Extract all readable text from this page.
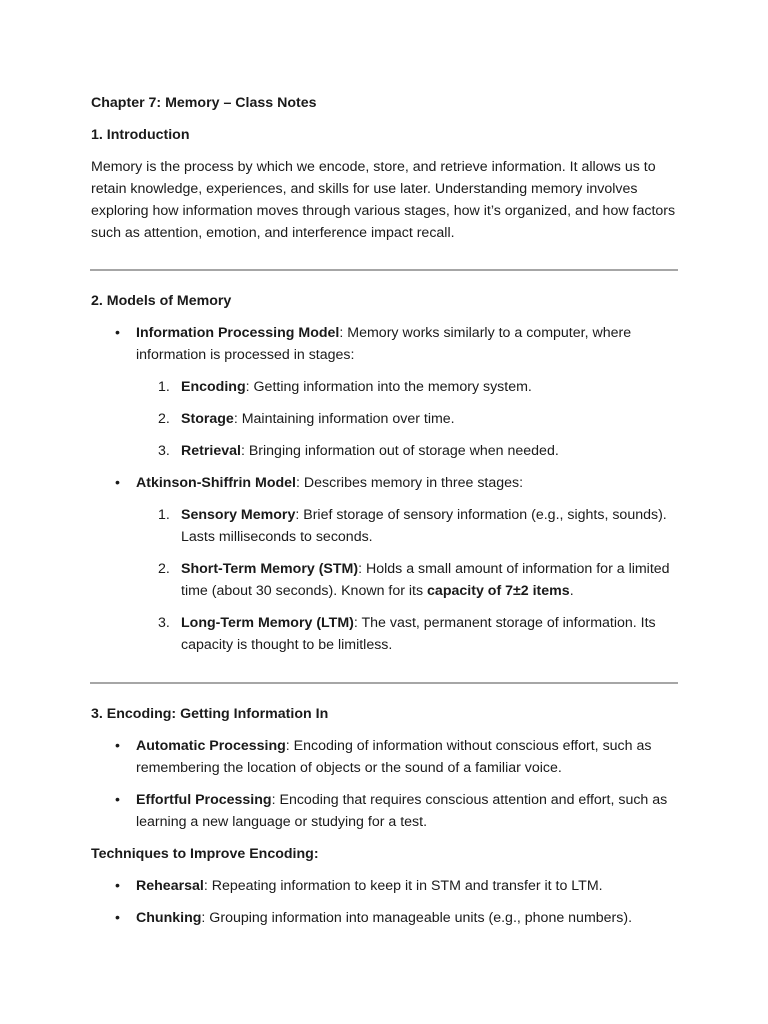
Chapter 7: Memory – Class Notes
1. Introduction

Memory is the process by which we encode, store, and retrieve information. It allows us to retain knowledge, experiences, and skills for use later. Understanding memory involves exploring how information moves through various stages, how it’s organized, and how factors such as attention, emotion, and interference impact recall.

2. Models of Memory
• Information Processing Model: Memory works similarly to a computer, where information is processed in stages:
1. Encoding: Getting information into the memory system.
2. Storage: Maintaining information over time.
3. Retrieval: Bringing information out of storage when needed.
• Atkinson-Shiffrin Model: Describes memory in three stages:
1. Sensory Memory: Brief storage of sensory information (e.g., sights, sounds). Lasts milliseconds to seconds.
2. Short-Term Memory (STM): Holds a small amount of information for a limited time (about 30 seconds). Known for its capacity of 7±2 items.
3. Long-Term Memory (LTM): The vast, permanent storage of information. Its capacity is thought to be limitless.
3. Encoding: Getting Information In
• Automatic Processing: Encoding of information without conscious effort, such as remembering the location of objects or the sound of a familiar voice.
• Effortful Processing: Encoding that requires conscious attention and effort, such as learning a new language or studying for a test.
Techniques to Improve Encoding:
• Rehearsal: Repeating information to keep it in STM and transfer it to LTM.
• Chunking: Grouping information into manageable units (e.g., phone numbers).
